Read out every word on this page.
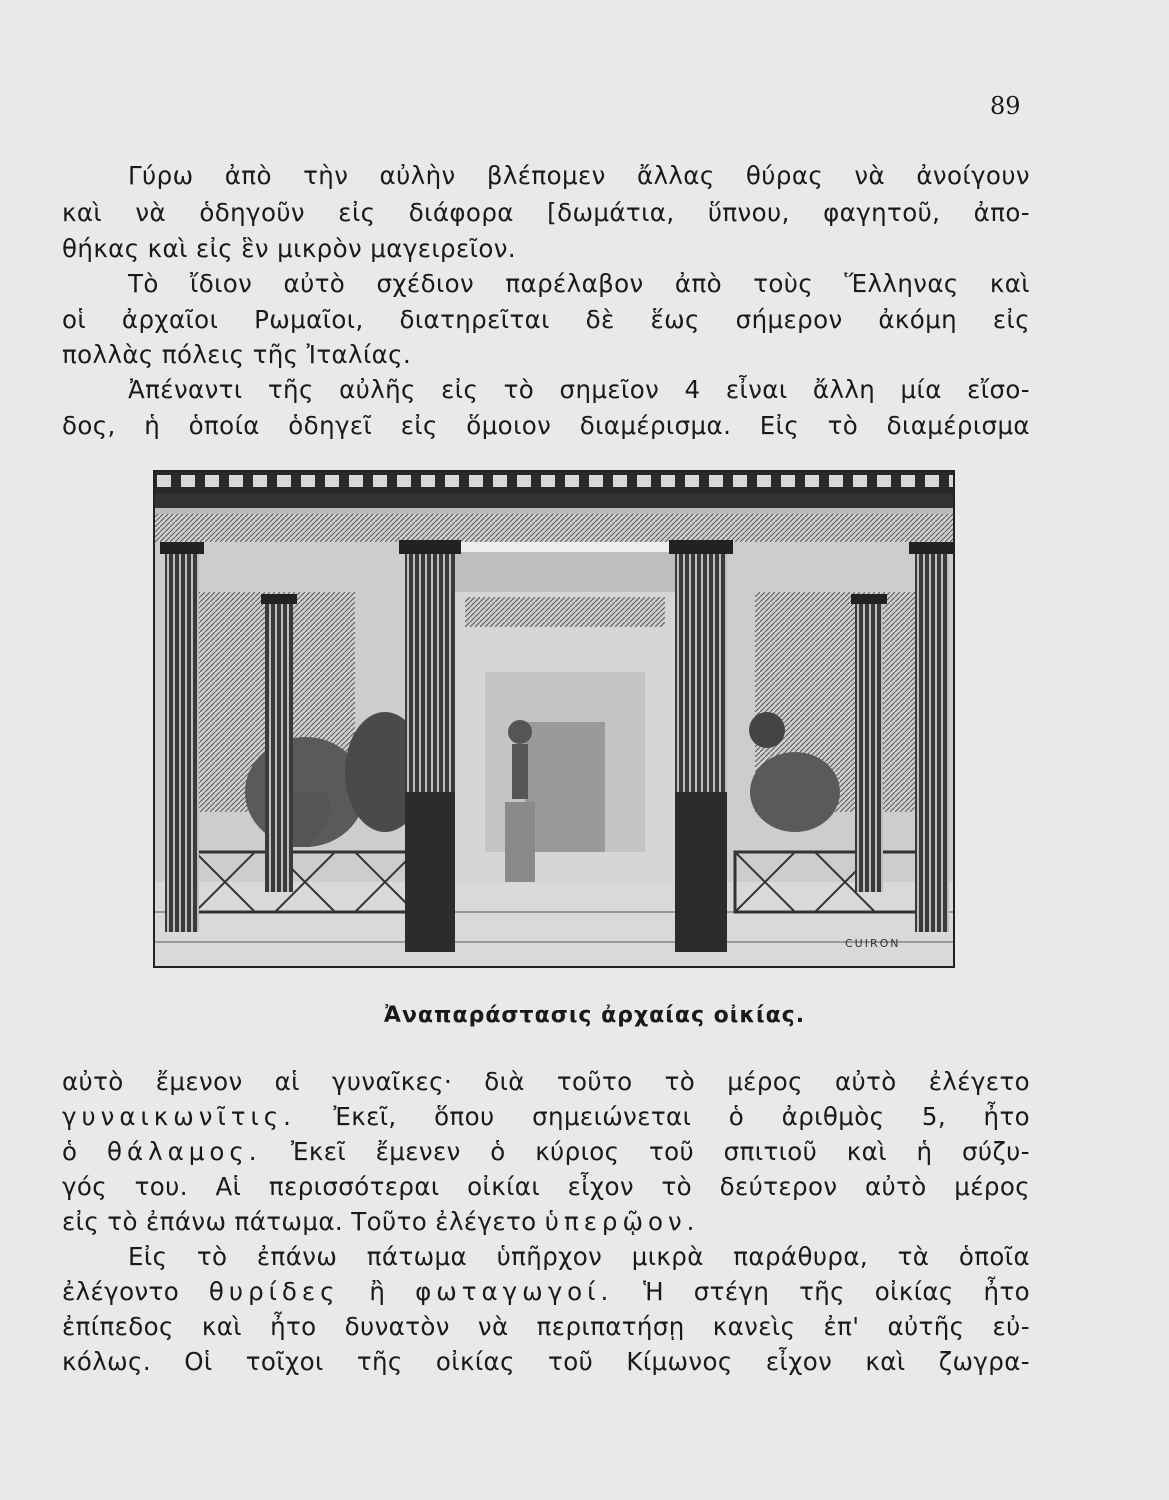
89
Γύρω ἀπὸ τὴν αὐλὴν βλέπομεν ἄλλας θύρας νὰ ἀνοίγουν
καὶ νὰ ὁδηγοῦν εἰς διάφορα [δωμάτια, ὕπνου, φαγητοῦ, ἀπο-
θήκας καὶ εἰς ἓν μικρὸν μαγειρεῖον.
Τὸ ἴδιον αὐτὸ σχέδιον παρέλαβον ἀπὸ τοὺς Ἕλληνας καὶ
οἱ ἀρχαῖοι Ρωμαῖοι, διατηρεῖται δὲ ἕως σήμερον ἀκόμη εἰς
πολλὰς πόλεις τῆς Ἰταλίας.
Ἀπέναντι τῆς αὐλῆς εἰς τὸ σημεῖον 4 εἶναι ἄλλη μία εἴσο-
δος, ἡ ὁποία ὁδηγεῖ εἰς ὅμοιον διαμέρισμα. Εἰς τὸ διαμέρισμα
CUIRON
Ἀναπαράστασις ἀρχαίας οἰκίας.
αὐτὸ ἔμενον αἱ γυναῖκες· διὰ τοῦτο τὸ μέρος αὐτὸ ἐλέγετο
γυναικωνῖτις. Ἐκεῖ, ὅπου σημειώνεται ὁ ἀριθμὸς 5, ἦτο
ὁ θάλαμος. Ἐκεῖ ἔμενεν ὁ κύριος τοῦ σπιτιοῦ καὶ ἡ σύζυ-
γός του. Αἱ περισσότεραι οἰκίαι εἶχον τὸ δεύτερον αὐτὸ μέρος
εἰς τὸ ἐπάνω πάτωμα. Τοῦτο ἐλέγετο ὑπερῷον.
Εἰς τὸ ἐπάνω πάτωμα ὑπῆρχον μικρὰ παράθυρα, τὰ ὁποῖα
ἐλέγοντο θυρίδες ἢ φωταγωγοί. Ἡ στέγη τῆς οἰκίας ἦτο
ἐπίπεδος καὶ ἦτο δυνατὸν νὰ περιπατήσῃ κανεὶς ἐπ' αὐτῆς εὐ-
κόλως. Οἱ τοῖχοι τῆς οἰκίας τοῦ Κίμωνος εἶχον καὶ ζωγρα-
